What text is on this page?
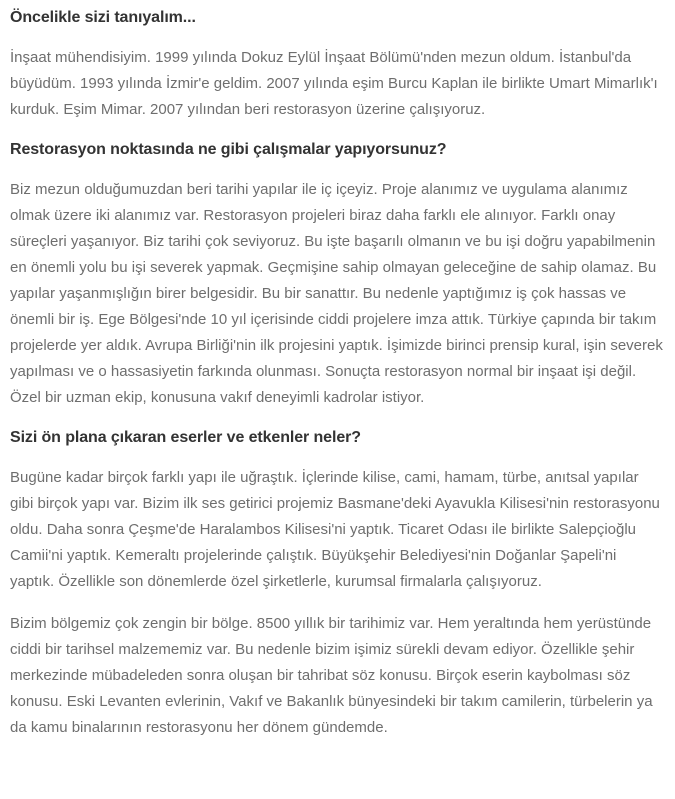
Öncelikle sizi tanıyalım...

İnşaat mühendisiyim. 1999 yılında Dokuz Eylül İnşaat Bölümü'nden mezun oldum. İstanbul'da büyüdüm. 1993 yılında İzmir'e geldim. 2007 yılında eşim Burcu Kaplan ile birlikte Umart Mimarlık'ı kurduk. Eşim Mimar. 2007 yılından beri restorasyon üzerine çalışıyoruz.

Restorasyon noktasında ne gibi çalışmalar yapıyorsunuz?

Biz mezun olduğumuzdan beri tarihi yapılar ile iç içeyiz. Proje alanımız ve uygulama alanımız olmak üzere iki alanımız var. Restorasyon projeleri biraz daha farklı ele alınıyor. Farklı onay süreçleri yaşanıyor. Biz tarihi çok seviyoruz. Bu işte başarılı olmanın ve bu işi doğru yapabilmenin en önemli yolu bu işi severek yapmak. Geçmişine sahip olmayan geleceğine de sahip olamaz. Bu yapılar yaşanmışlığın birer belgesidir. Bu bir sanattır. Bu nedenle yaptığımız iş çok hassas ve önemli bir iş. Ege Bölgesi'nde 10 yıl içerisinde ciddi projelere imza attık. Türkiye çapında bir takım projelerde yer aldık. Avrupa Birliği'nin ilk projesini yaptık. İşimizde birinci prensip kural, işin severek yapılması ve o hassasiyetin farkında olunması. Sonuçta restorasyon normal bir inşaat işi değil. Özel bir uzman ekip, konusuna vakıf deneyimli kadrolar istiyor.

Sizi ön plana çıkaran eserler ve etkenler neler?

Bugüne kadar birçok farklı yapı ile uğraştık. İçlerinde kilise, cami, hamam, türbe, anıtsal yapılar gibi birçok yapı var. Bizim ilk ses getirici projemiz Basmane'deki Ayavukla Kilisesi'nin restorasyonu oldu. Daha sonra Çeşme'de Haralambos Kilisesi'ni yaptık. Ticaret Odası ile birlikte Salepçioğlu Camii'ni yaptık. Kemeraltı projelerinde çalıştık. Büyükşehir Belediyesi'nin Doğanlar Şapeli'ni yaptık. Özellikle son dönemlerde özel şirketlerle, kurumsal firmalarla çalışıyoruz.

Bizim bölgemiz çok zengin bir bölge. 8500 yıllık bir tarihimiz var. Hem yeraltında hem yerüstünde ciddi bir tarihsel malzememiz var. Bu nedenle bizim işimiz sürekli devam ediyor. Özellikle şehir merkezinde mübadeleden sonra oluşan bir tahribat söz konusu. Birçok eserin kaybolması söz konusu. Eski Levanten evlerinin, Vakıf ve Bakanlık bünyesindeki bir takım camilerin, türbelerin ya da kamu binalarının restorasyonu her dönem gündemde.
